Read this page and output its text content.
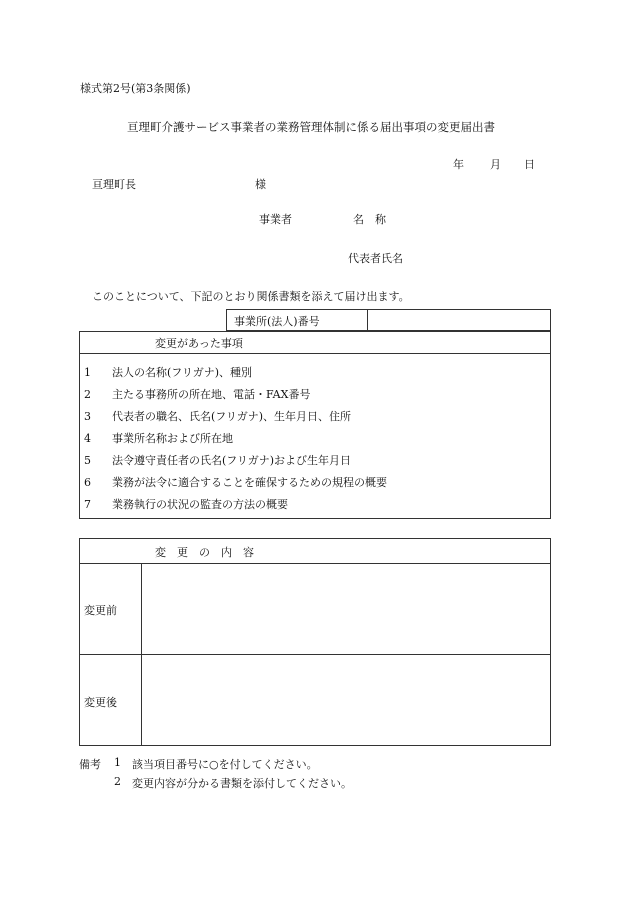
様式第2号(第3条関係)
亘理町介護サービス事業者の業務管理体制に係る届出事項の変更届出書
年 月 日
亘理町長	様
事業者	名　称
代表者氏名
このことについて、下記のとおり関係書類を添えて届け出ます。
事業所(法人)番号
変更があった事項
1 法人の名称(フリガナ)、種別
2 主たる事務所の所在地、電話・FAX番号
3 代表者の職名、氏名(フリガナ)、生年月日、住所
4 事業所名称および所在地
5 法令遵守責任者の氏名(フリガナ)および生年月日
6 業務が法令に適合することを確保するための規程の概要
7 業務執行の状況の監査の方法の概要
変　更　の　内　容
変更前
変更後
備考 1 該当項目番号に○を付してください。
2 変更内容が分かる書類を添付してください。
